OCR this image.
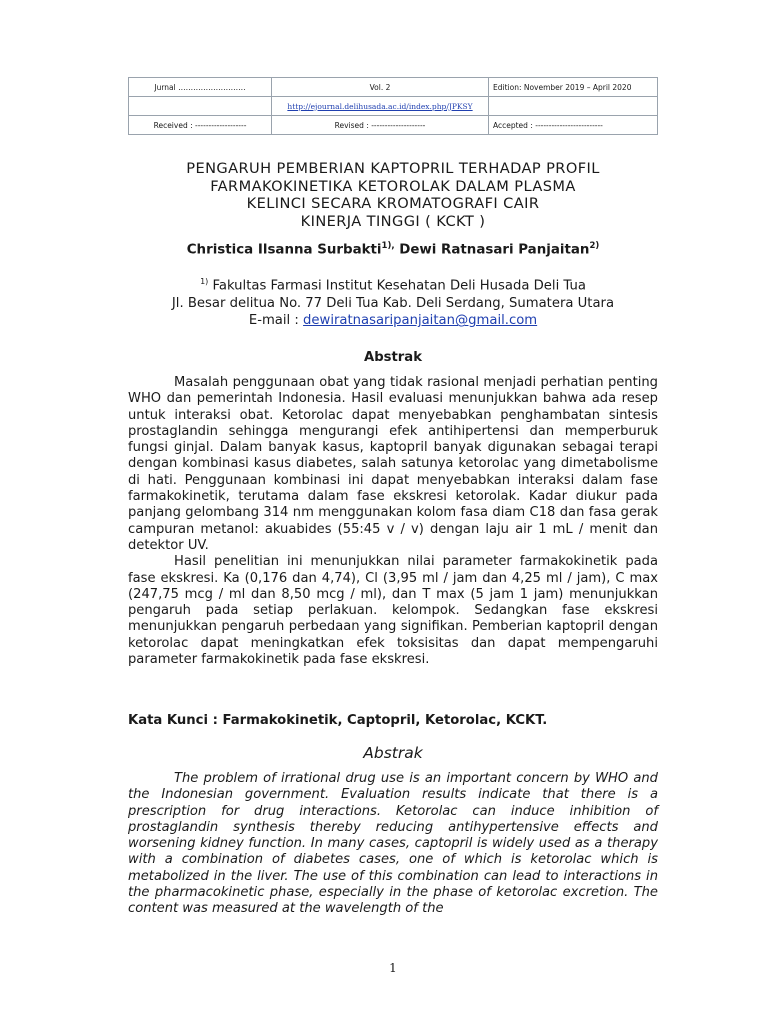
Jurnal ………………………	Vol. 2	Edition: November 2019 – April 2020
	http://ejournal.delihusada.ac.id/index.php/JPKSY	
Received : -------------------	Revised : --------------------	Accepted : -------------------------
PENGARUH PEMBERIAN KAPTOPRIL TERHADAP PROFIL
FARMAKOKINETIKA KETOROLAK DALAM PLASMA
KELINCI SECARA KROMATOGRAFI CAIR
KINERJA TINGGI ( KCKT )

Christica Ilsanna Surbakti$^{1),}$ Dewi Ratnasari Panjaitan$^{2)}$

$^{1)}$ Fakultas Farmasi Institut Kesehatan Deli Husada Deli Tua
Jl. Besar delitua No. 77 Deli Tua Kab. Deli Serdang, Sumatera Utara
E-mail : dewiratnasaripanjaitan@gmail.com
Abstrak

Masalah penggunaan obat yang tidak rasional menjadi perhatian penting WHO dan pemerintah Indonesia. Hasil evaluasi menunjukkan bahwa ada resep untuk interaksi obat. Ketorolac dapat menyebabkan penghambatan sintesis prostaglandin sehingga mengurangi efek antihipertensi dan memperburuk fungsi ginjal. Dalam banyak kasus, kaptopril banyak digunakan sebagai terapi dengan kombinasi kasus diabetes, salah satunya ketorolac yang dimetabolisme di hati. Penggunaan kombinasi ini dapat menyebabkan interaksi dalam fase farmakokinetik, terutama dalam fase ekskresi ketorolak. Kadar diukur pada panjang gelombang 314 nm menggunakan kolom fasa diam C18 dan fasa gerak campuran metanol: akuabides (55:45 v / v) dengan laju air 1 mL / menit dan detektor UV.

Hasil penelitian ini menunjukkan nilai parameter farmakokinetik pada fase ekskresi. Ka (0,176 dan 4,74), Cl (3,95 ml / jam dan 4,25 ml / jam), C max (247,75 mcg / ml dan 8,50 mcg / ml), dan T max (5 jam 1 jam) menunjukkan pengaruh pada setiap perlakuan. kelompok. Sedangkan fase ekskresi menunjukkan pengaruh perbedaan yang signifikan. Pemberian kaptopril dengan ketorolac dapat meningkatkan efek toksisitas dan dapat mempengaruhi parameter farmakokinetik pada fase ekskresi.

Kata Kunci : Farmakokinetik, Captopril, Ketorolac, KCKT.

Abstrak

The problem of irrational drug use is an important concern by WHO and the Indonesian government. Evaluation results indicate that there is a prescription for drug interactions. Ketorolac can induce inhibition of prostaglandin synthesis thereby reducing antihypertensive effects and worsening kidney function. In many cases, captopril is widely used as a therapy with a combination of diabetes cases, one of which is ketorolac which is metabolized in the liver. The use of this combination can lead to interactions in the pharmacokinetic phase, especially in the phase of ketorolac excretion. The content was measured at the wavelength of the

1
